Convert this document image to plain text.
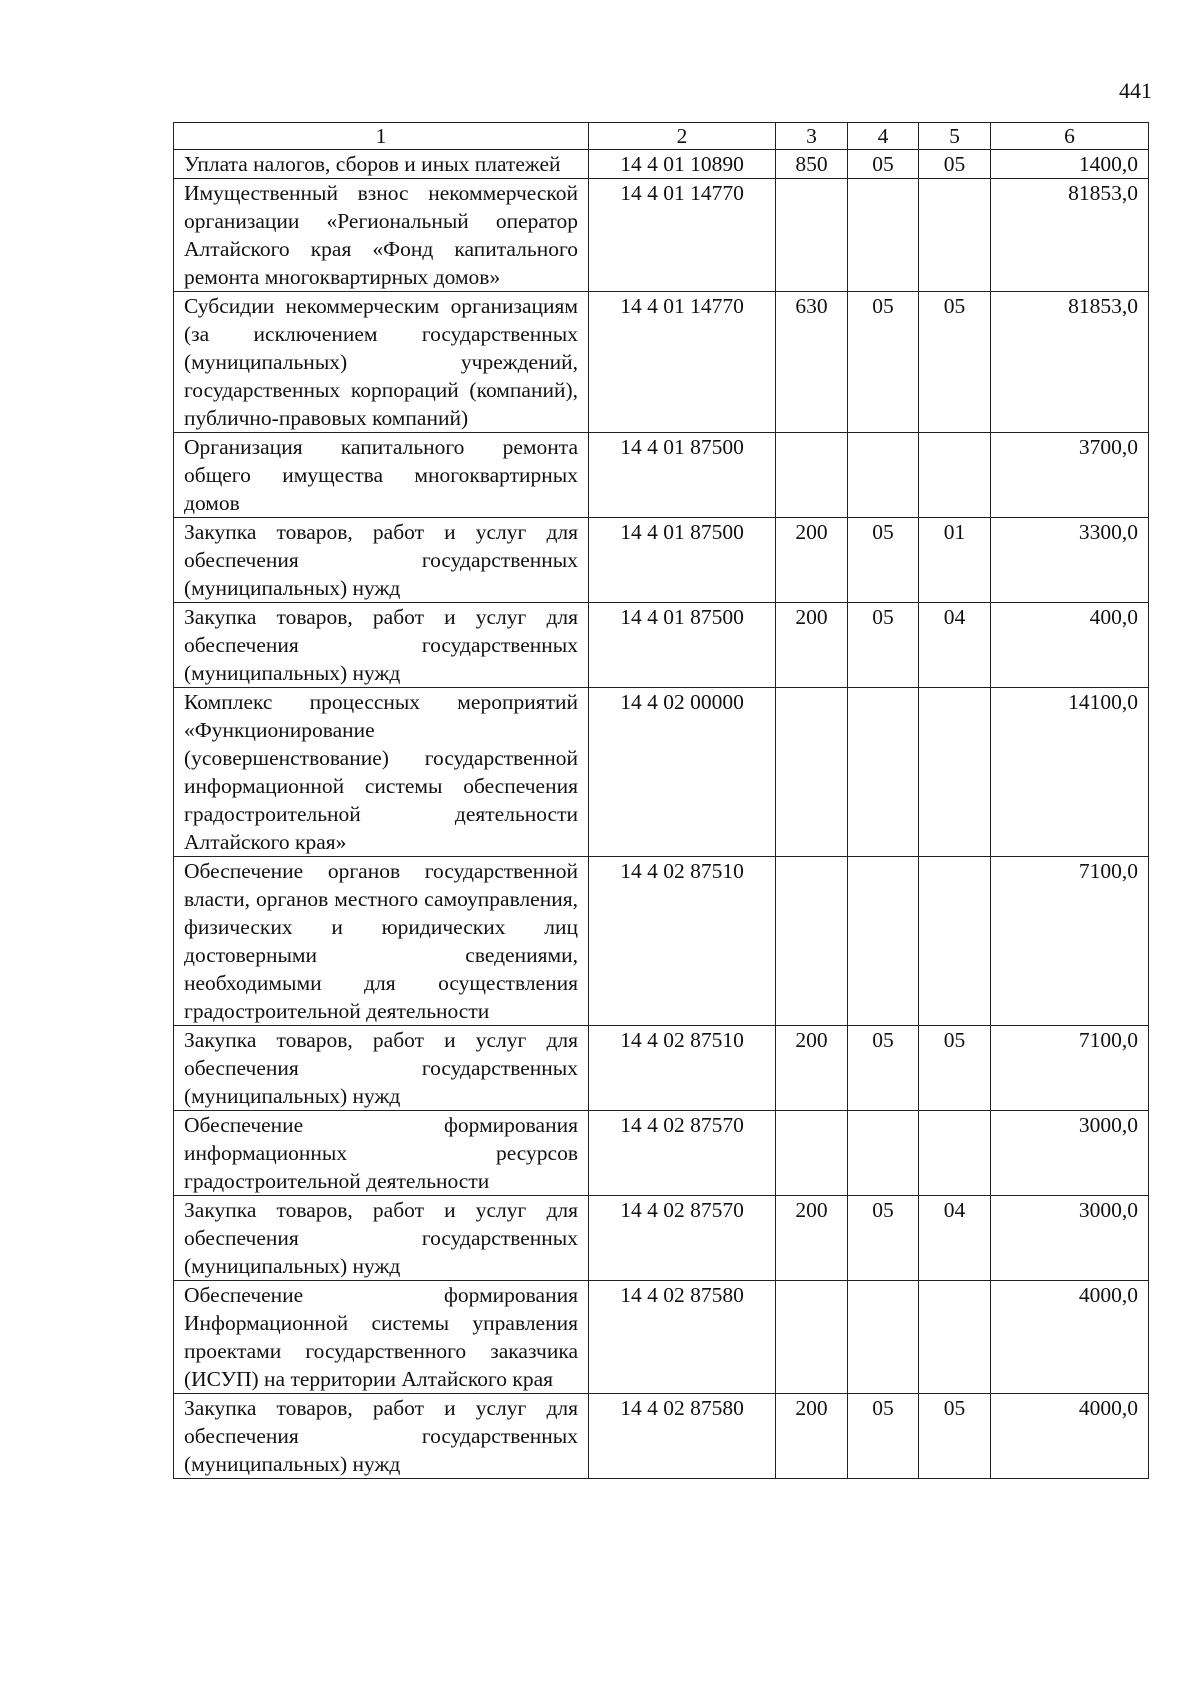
441
1	2	3	4	5	6
Уплата налогов, сборов и иных платежей	14 4 01 10890	850	05	05	1400,0
Имущественный взнос некоммерческой организации «Региональный оператор Алтайского края «Фонд капитального ремонта многоквартирных домов»	14 4 01 14770				81853,0
Субсидии некоммерческим организациям (за исключением государственных (муниципальных) учреждений, государственных корпораций (компаний), публично-правовых компаний)	14 4 01 14770	630	05	05	81853,0
Организация капитального ремонта общего имущества многоквартирных домов	14 4 01 87500				3700,0
Закупка товаров, работ и услуг для обеспечения государственных (муниципальных) нужд	14 4 01 87500	200	05	01	3300,0
Закупка товаров, работ и услуг для обеспечения государственных (муниципальных) нужд	14 4 01 87500	200	05	04	400,0
Комплекс процессных мероприятий «Функционирование (усовершенствование) государственной информационной системы обеспечения градостроительной деятельности Алтайского края»	14 4 02 00000				14100,0
Обеспечение органов государственной власти, органов местного самоуправления, физических и юридических лиц достоверными сведениями, необходимыми для осуществления градостроительной деятельности	14 4 02 87510				7100,0
Закупка товаров, работ и услуг для обеспечения государственных (муниципальных) нужд	14 4 02 87510	200	05	05	7100,0
Обеспечение формирования информационных ресурсов градостроительной деятельности	14 4 02 87570				3000,0
Закупка товаров, работ и услуг для обеспечения государственных (муниципальных) нужд	14 4 02 87570	200	05	04	3000,0
Обеспечение формирования Информационной системы управления проектами государственного заказчика (ИСУП) на территории Алтайского края	14 4 02 87580				4000,0
Закупка товаров, работ и услуг для обеспечения государственных (муниципальных) нужд	14 4 02 87580	200	05	05	4000,0
